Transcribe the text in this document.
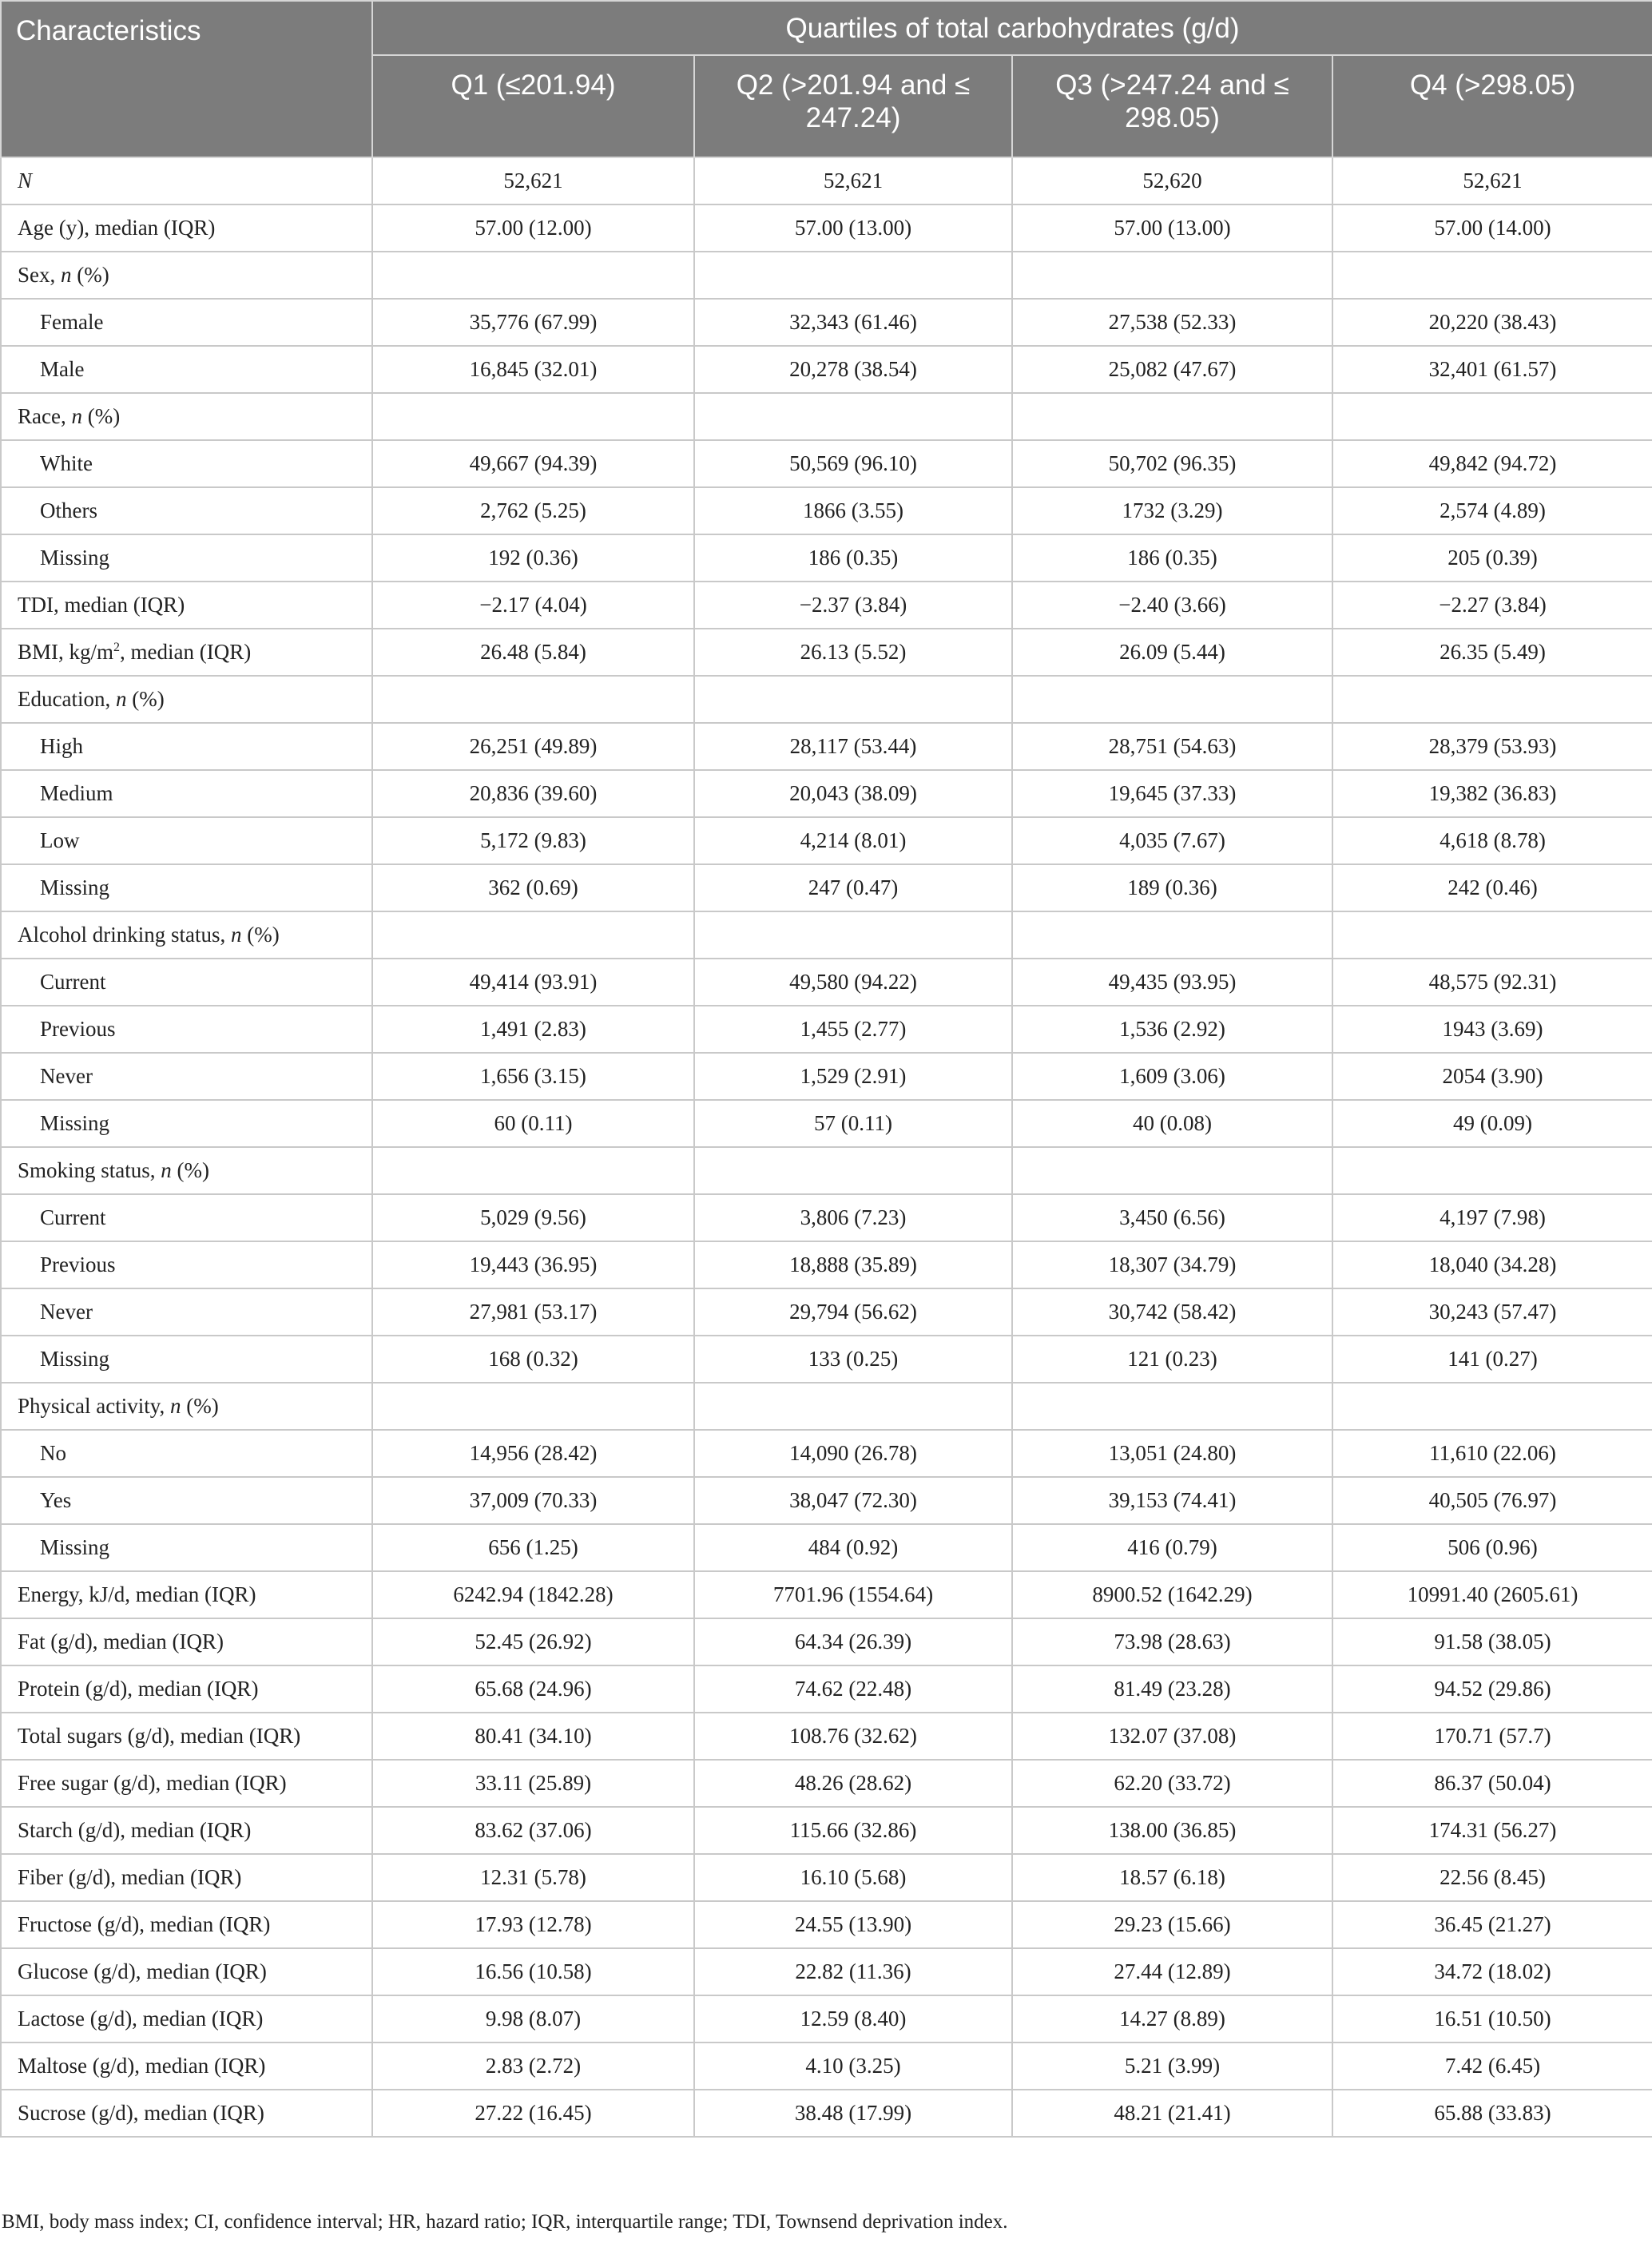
Characteristics	Quartiles of total carbohydrates (g/d)			
	Q1 (≤201.94)	Q2 (>201.94 and ≤ 247.24)	Q3 (>247.24 and ≤ 298.05)	Q4 (>298.05)
N	52,621	52,621	52,620	52,621
Age (y), median (IQR)	57.00 (12.00)	57.00 (13.00)	57.00 (13.00)	57.00 (14.00)
Sex, n (%)				
Female	35,776 (67.99)	32,343 (61.46)	27,538 (52.33)	20,220 (38.43)
Male	16,845 (32.01)	20,278 (38.54)	25,082 (47.67)	32,401 (61.57)
Race, n (%)				
White	49,667 (94.39)	50,569 (96.10)	50,702 (96.35)	49,842 (94.72)
Others	2,762 (5.25)	1866 (3.55)	1732 (3.29)	2,574 (4.89)
Missing	192 (0.36)	186 (0.35)	186 (0.35)	205 (0.39)
TDI, median (IQR)	−2.17 (4.04)	−2.37 (3.84)	−2.40 (3.66)	−2.27 (3.84)
BMI, $kg/m^2$, median (IQR)	26.48 (5.84)	26.13 (5.52)	26.09 (5.44)	26.35 (5.49)
Education, n (%)				
High	26,251 (49.89)	28,117 (53.44)	28,751 (54.63)	28,379 (53.93)
Medium	20,836 (39.60)	20,043 (38.09)	19,645 (37.33)	19,382 (36.83)
Low	5,172 (9.83)	4,214 (8.01)	4,035 (7.67)	4,618 (8.78)
Missing	362 (0.69)	247 (0.47)	189 (0.36)	242 (0.46)
Alcohol drinking status, n (%)				
Current	49,414 (93.91)	49,580 (94.22)	49,435 (93.95)	48,575 (92.31)
Previous	1,491 (2.83)	1,455 (2.77)	1,536 (2.92)	1943 (3.69)
Never	1,656 (3.15)	1,529 (2.91)	1,609 (3.06)	2054 (3.90)
Missing	60 (0.11)	57 (0.11)	40 (0.08)	49 (0.09)
Smoking status, n (%)				
Current	5,029 (9.56)	3,806 (7.23)	3,450 (6.56)	4,197 (7.98)
Previous	19,443 (36.95)	18,888 (35.89)	18,307 (34.79)	18,040 (34.28)
Never	27,981 (53.17)	29,794 (56.62)	30,742 (58.42)	30,243 (57.47)
Missing	168 (0.32)	133 (0.25)	121 (0.23)	141 (0.27)
Physical activity, n (%)				
No	14,956 (28.42)	14,090 (26.78)	13,051 (24.80)	11,610 (22.06)
Yes	37,009 (70.33)	38,047 (72.30)	39,153 (74.41)	40,505 (76.97)
Missing	656 (1.25)	484 (0.92)	416 (0.79)	506 (0.96)
Energy, kJ/d, median (IQR)	6242.94 (1842.28)	7701.96 (1554.64)	8900.52 (1642.29)	10991.40 (2605.61)
Fat (g/d), median (IQR)	52.45 (26.92)	64.34 (26.39)	73.98 (28.63)	91.58 (38.05)
Protein (g/d), median (IQR)	65.68 (24.96)	74.62 (22.48)	81.49 (23.28)	94.52 (29.86)
Total sugars (g/d), median (IQR)	80.41 (34.10)	108.76 (32.62)	132.07 (37.08)	170.71 (57.7)
Free sugar (g/d), median (IQR)	33.11 (25.89)	48.26 (28.62)	62.20 (33.72)	86.37 (50.04)
Starch (g/d), median (IQR)	83.62 (37.06)	115.66 (32.86)	138.00 (36.85)	174.31 (56.27)
Fiber (g/d), median (IQR)	12.31 (5.78)	16.10 (5.68)	18.57 (6.18)	22.56 (8.45)
Fructose (g/d), median (IQR)	17.93 (12.78)	24.55 (13.90)	29.23 (15.66)	36.45 (21.27)
Glucose (g/d), median (IQR)	16.56 (10.58)	22.82 (11.36)	27.44 (12.89)	34.72 (18.02)
Lactose (g/d), median (IQR)	9.98 (8.07)	12.59 (8.40)	14.27 (8.89)	16.51 (10.50)
Maltose (g/d), median (IQR)	2.83 (2.72)	4.10 (3.25)	5.21 (3.99)	7.42 (6.45)
Sucrose (g/d), median (IQR)	27.22 (16.45)	38.48 (17.99)	48.21 (21.41)	65.88 (33.83)
BMI, body mass index; CI, confidence interval; HR, hazard ratio; IQR, interquartile range; TDI, Townsend deprivation index.
